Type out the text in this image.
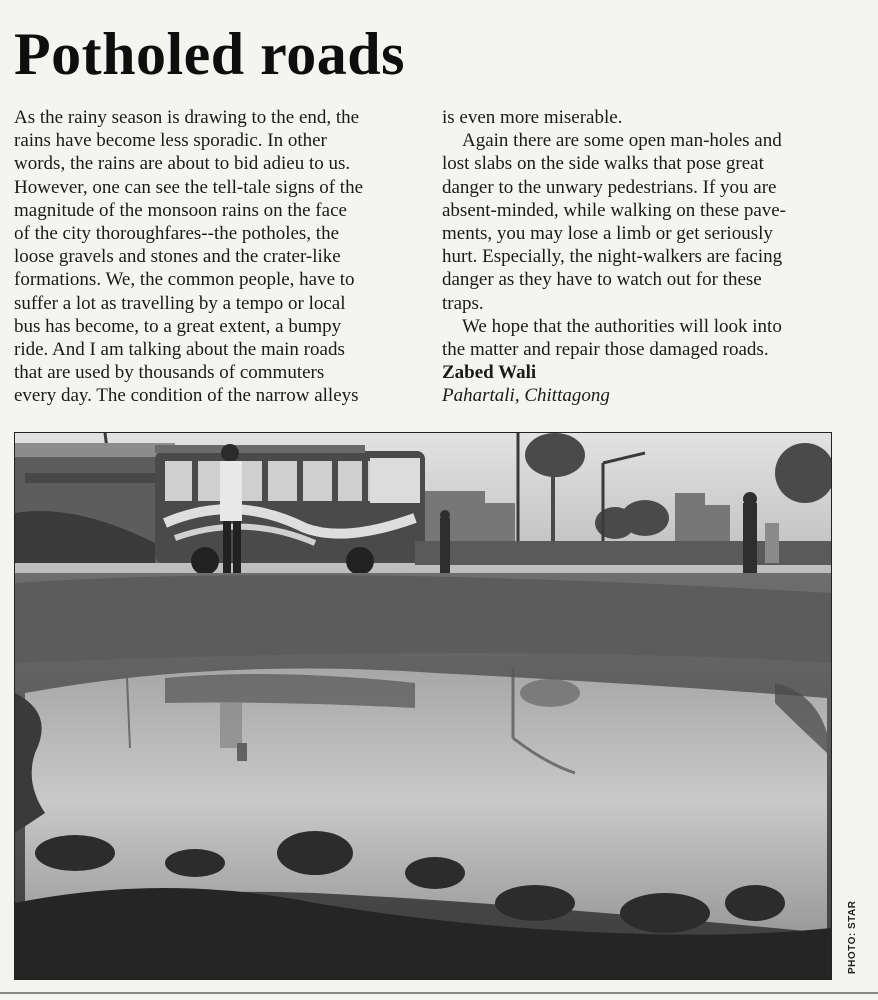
Potholed roads
As the rainy season is drawing to the end, the
rains have become less sporadic. In other
words, the rains are about to bid adieu to us.
However, one can see the tell-tale signs of the
magnitude of the monsoon rains on the face
of the city thoroughfares--the potholes, the
loose gravels and stones and the crater-like
formations. We, the common people, have to
suffer a lot as travelling by a tempo or local
bus has become, to a great extent, a bumpy
ride. And I am talking about the main roads
that are used by thousands of commuters
every day. The condition of the narrow alleys
is even more miserable.
Again there are some open man-holes and
lost slabs on the side walks that pose great
danger to the unwary pedestrians. If you are
absent-minded, while walking on these pave-
ments, you may lose a limb or get seriously
hurt. Especially, the night-walkers are facing
danger as they have to watch out for these
traps.
We hope that the authorities will look into
the matter and repair those damaged roads.
Zabed Wali
Pahartali, Chittagong
PHOTO: STAR
